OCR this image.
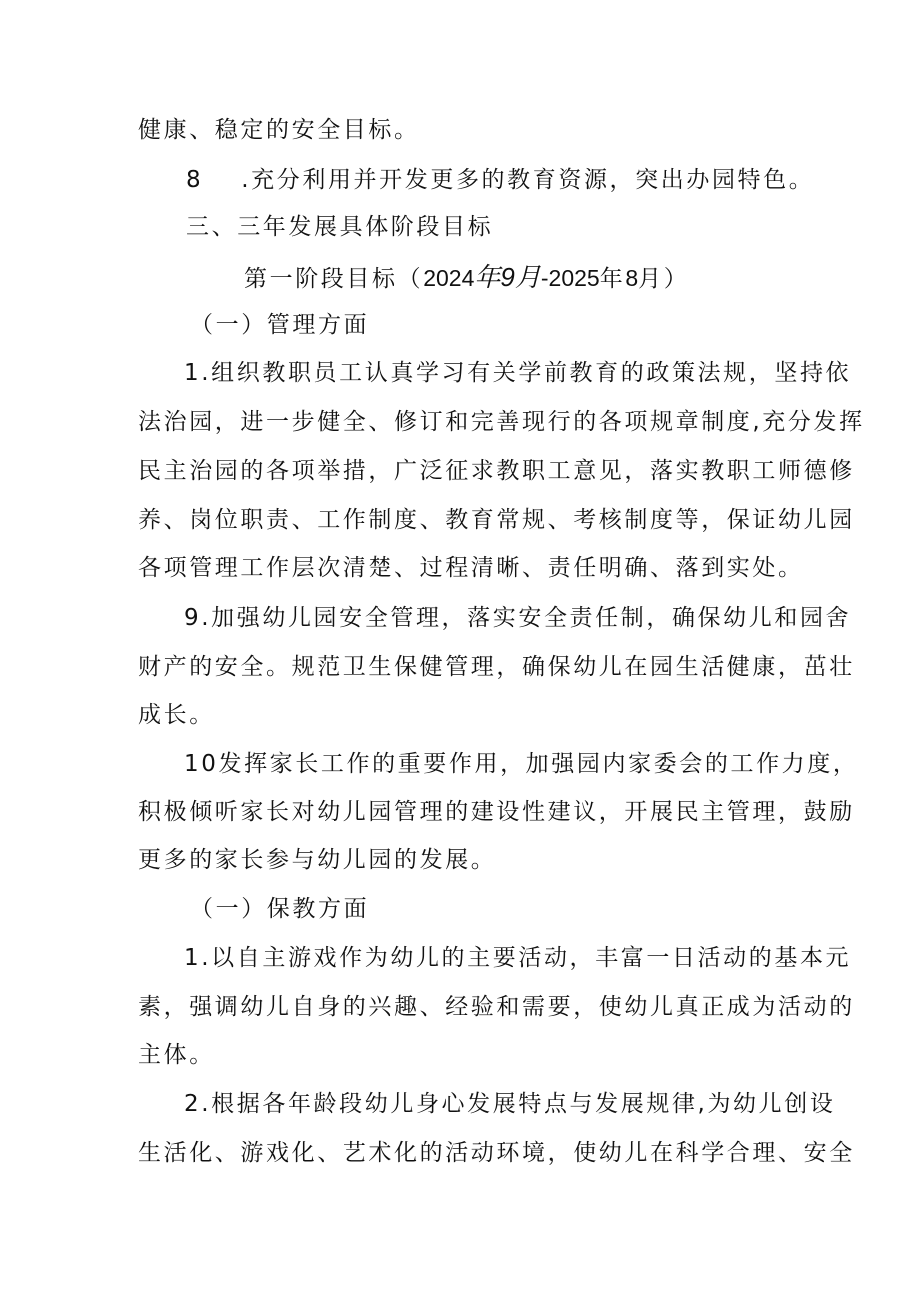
健康、稳定的安全目标。
8 .充分利用并开发更多的教育资源，突出办园特色。
三、三年发展具体阶段目标
第一阶段目标（2024年9月-2025年8月）
（一）管理方面
1.组织教职员工认真学习有关学前教育的政策法规，坚持依
法治园，进一步健全、修订和完善现行的各项规章制度,充分发挥
民主治园的各项举措，广泛征求教职工意见，落实教职工师德修
养、岗位职责、工作制度、教育常规、考核制度等，保证幼儿园
各项管理工作层次清楚、过程清晰、责任明确、落到实处。
9.加强幼儿园安全管理，落实安全责任制，确保幼儿和园舍
财产的安全。规范卫生保健管理，确保幼儿在园生活健康，茁壮
成长。
10发挥家长工作的重要作用，加强园内家委会的工作力度，
积极倾听家长对幼儿园管理的建设性建议，开展民主管理，鼓励
更多的家长参与幼儿园的发展。
（一）保教方面
1.以自主游戏作为幼儿的主要活动，丰富一日活动的基本元
素，强调幼儿自身的兴趣、经验和需要，使幼儿真正成为活动的
主体。
2.根据各年龄段幼儿身心发展特点与发展规律,为幼儿创设
生活化、游戏化、艺术化的活动环境，使幼儿在科学合理、安全
